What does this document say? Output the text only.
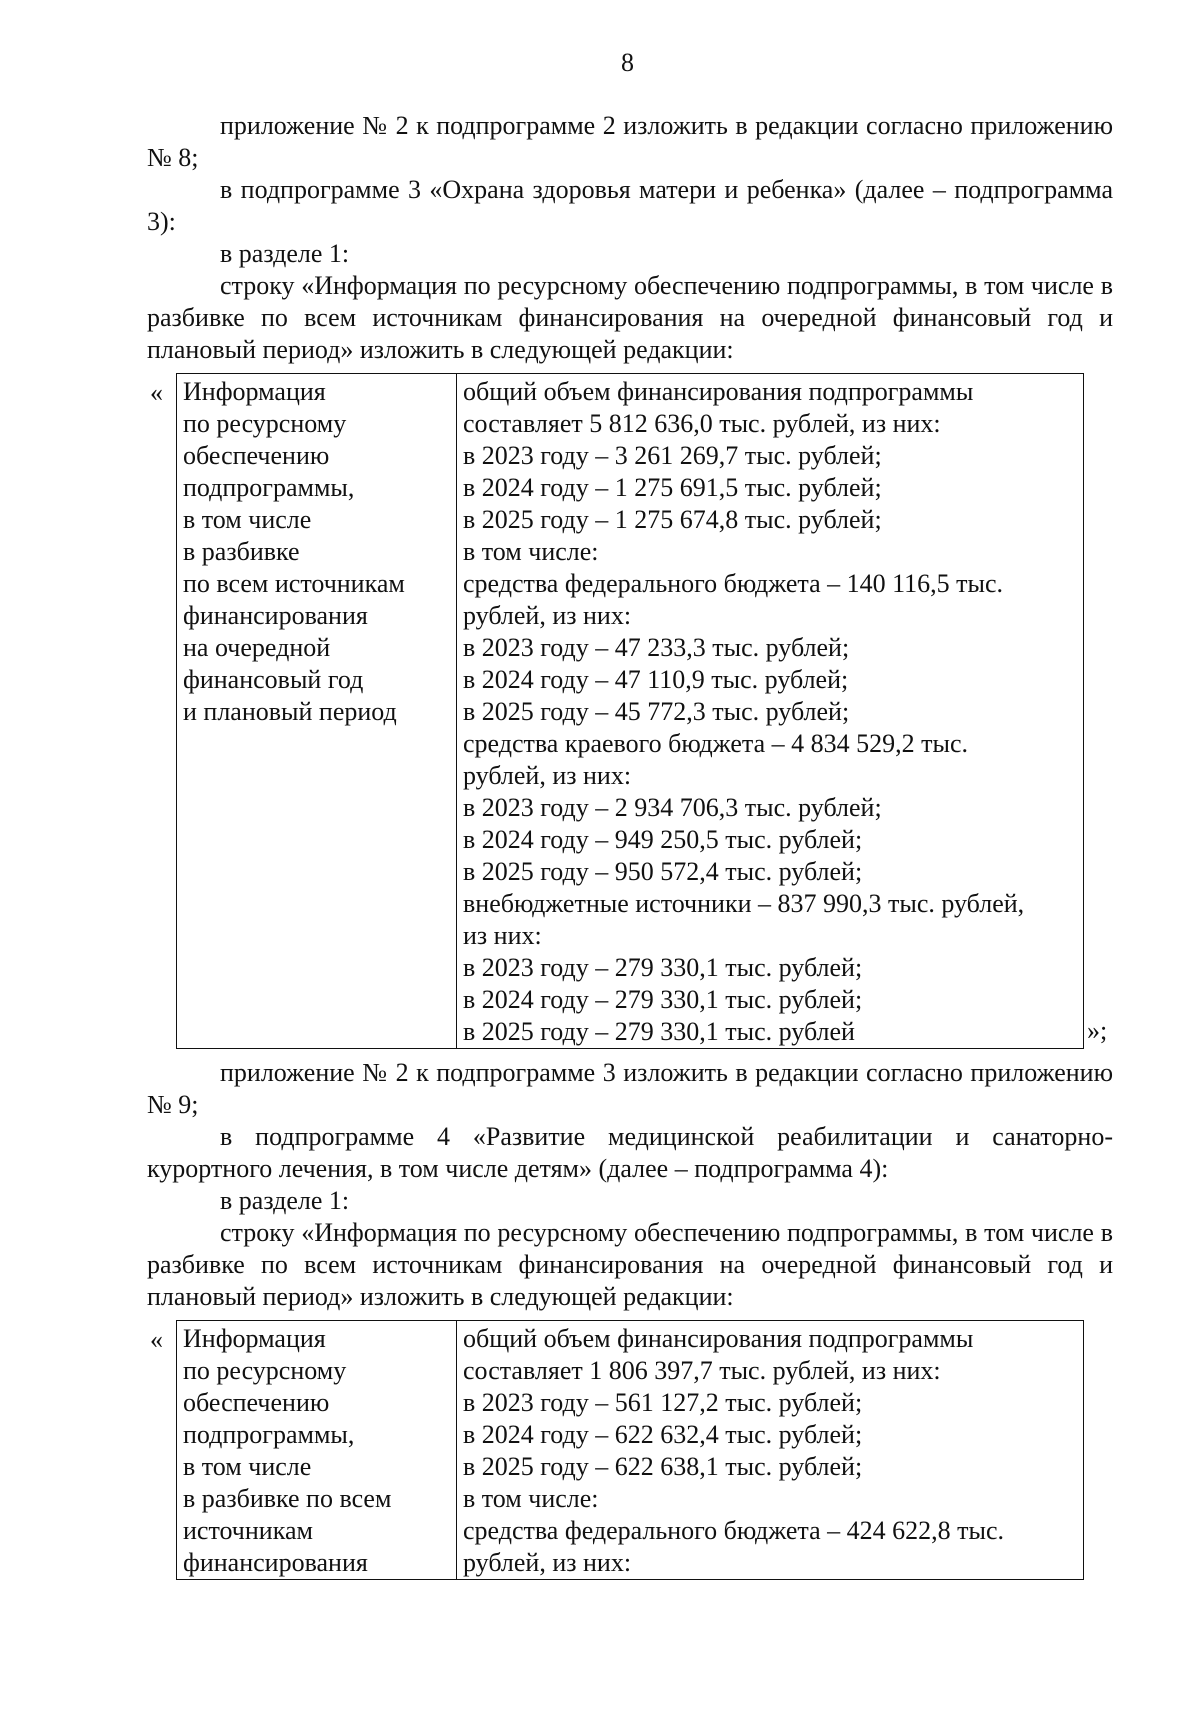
8

приложение № 2 к подпрограмме 2 изложить в редакции согласно приложению № 8;

в подпрограмме 3 «Охрана здоровья матери и ребенка» (далее – подпрограмма 3):

в разделе 1:

строку «Информация по ресурсному обеспечению подпрограммы, в том числе в разбивке по всем источникам финансирования на очередной финансовый год и плановый период» изложить в следующей редакции:

« Информация
по ресурсному
обеспечению
подпрограммы,
в том числе
в разбивке
по всем источникам
финансирования
на очередной
финансовый год
и плановый период

общий объем финансирования подпрограммы
составляет 5 812 636,0 тыс. рублей, из них:
в 2023 году – 3 261 269,7 тыс. рублей;
в 2024 году – 1 275 691,5 тыс. рублей;
в 2025 году – 1 275 674,8 тыс. рублей;
в том числе:
средства федерального бюджета – 140 116,5 тыс.
рублей, из них:
в 2023 году – 47 233,3 тыс. рублей;
в 2024 году – 47 110,9 тыс. рублей;
в 2025 году – 45 772,3 тыс. рублей;
средства краевого бюджета – 4 834 529,2 тыс.
рублей, из них:
в 2023 году – 2 934 706,3 тыс. рублей;
в 2024 году – 949 250,5 тыс. рублей;
в 2025 году – 950 572,4 тыс. рублей;
внебюджетные источники – 837 990,3 тыс. рублей,
из них:
в 2023 году – 279 330,1 тыс. рублей;
в 2024 году – 279 330,1 тыс. рублей;
в 2025 году – 279 330,1 тыс. рублей	»;

приложение № 2 к подпрограмме 3 изложить в редакции согласно приложению № 9;

в подпрограмме 4 «Развитие медицинской реабилитации и санаторно-курортного лечения, в том числе детям» (далее – подпрограмма 4):

в разделе 1:

строку «Информация по ресурсному обеспечению подпрограммы, в том числе в разбивке по всем источникам финансирования на очередной финансовый год и плановый период» изложить в следующей редакции:

« Информация
по ресурсному
обеспечению
подпрограммы,
в том числе
в разбивке по всем
источникам
финансирования

общий объем финансирования подпрограммы
составляет 1 806 397,7 тыс. рублей, из них:
в 2023 году – 561 127,2 тыс. рублей;
в 2024 году – 622 632,4 тыс. рублей;
в 2025 году – 622 638,1 тыс. рублей;
в том числе:
средства федерального бюджета – 424 622,8 тыс.
рублей, из них:
